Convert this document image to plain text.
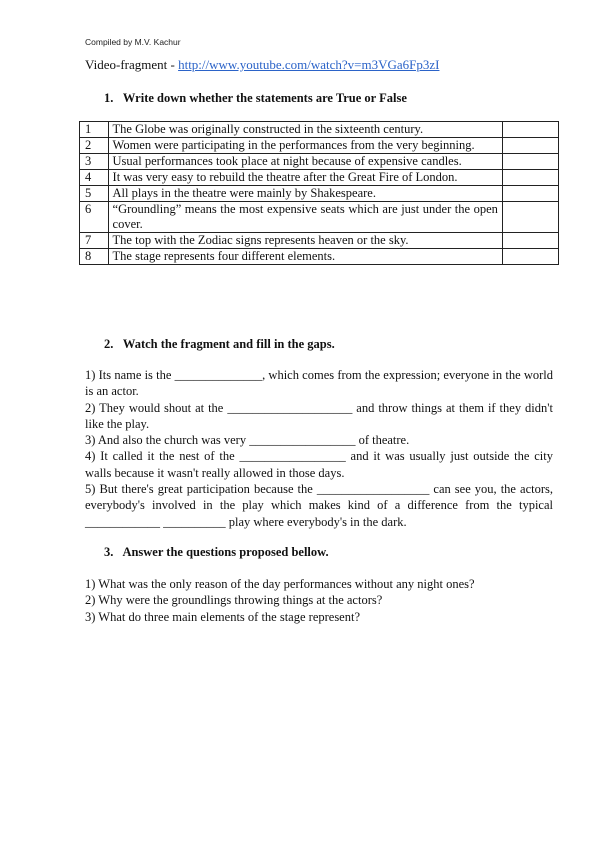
Compiled by M.V. Kachur
Video-fragment - http://www.youtube.com/watch?v=m3VGa6Fp3zI
1. Write down whether the statements are True or False
1	The Globe was originally constructed in the sixteenth century.	
2	Women were participating in the performances from the very beginning.	
3	Usual performances took place at night because of expensive candles.	
4	It was very easy to rebuild the theatre after the Great Fire of London.	
5	All plays in the theatre were mainly by Shakespeare.	
6	“Groundling” means the most expensive seats which are just under the open cover.	
7	The top with the Zodiac signs represents heaven or the sky.	
8	The stage represents four different elements.	
2. Watch the fragment and fill in the gaps.

1) Its name is the ______________, which comes from the expression; everyone in the world is an actor.

2) They would shout at the ____________________ and throw things at them if they didn't like the play.

3) And also the church was very _________________ of theatre.

4) It called it the nest of the _________________ and it was usually just outside the city walls because it wasn't really allowed in those days.

5) But there's great participation because the __________________ can see you, the actors, everybody's involved in the play which makes kind of a difference from the typical ____________ __________ play where everybody's in the dark.

3. Answer the questions proposed bellow.

1) What was the only reason of the day performances without any night ones?

2) Why were the groundlings throwing things at the actors?

3) What do three main elements of the stage represent?
